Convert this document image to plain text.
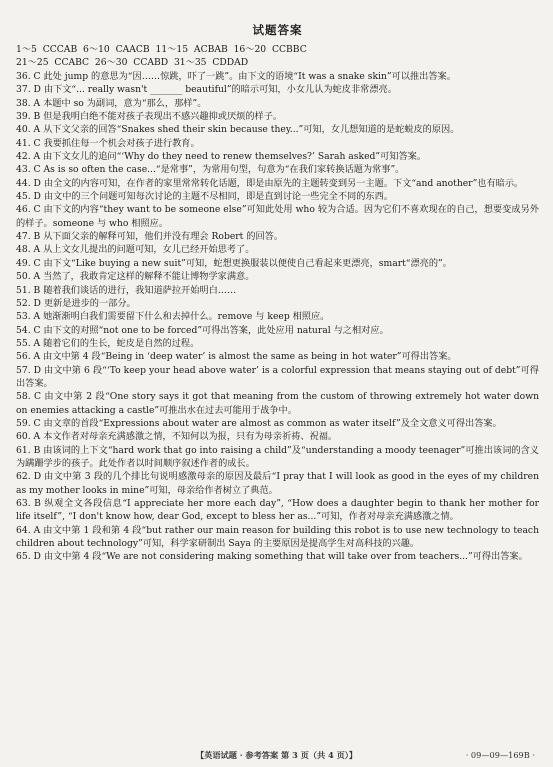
试题答案
1～5  CCCAB  6～10  CAACB  11～15  ACBAB  16～20  CCBBC
21～25  CCABC  26～30  CCABD  31～35  CDDAD

36. C 此处 jump 的意思为“因……惊跳，吓了一跳”。由下文的语境“It was a snake skin”可以推出答案。

37. D 由下文“... really wasn't _______ beautiful”的暗示可知，小女儿认为蛇皮非常漂亮。

38. A 本题中 so 为副词，意为“那么，那样”。

39. B 但是我明白绝不能对孩子表现出不感兴趣抑或厌烦的样子。

40. A 从下文父亲的回答“Snakes shed their skin because they...”可知，女儿想知道的是蛇蜕皮的原因。

41. C 我要抓住每一个机会对孩子进行教育。

42. A 由下文女儿的追问“‘Why do they need to renew themselves?’ Sarah asked”可知答案。

43. C As is so often the case...“是常事”，为常用句型，句意为“在我们家转换话题为常事”。

44. D 由全文的内容可知，在作者的家里常常转化话题，即是由原先的主题转变到另一主题。下文“and another”也有暗示。

45. D 由文中的三个问题可知每次讨论的主题不尽相同，即是直到讨论一些完全不同的东西。

46. C 由下文的内容“they want to be someone else”可知此处用 who 较为合适。因为它们不喜欢现在的自己，想要变成另外的样子。someone 与 who 相照应。

47. B 从下面父亲的解释可知，他们并没有理会 Robert 的回答。

48. A 从上文女儿提出的问题可知，女儿已经开始思考了。

49. C 由下文“Like buying a new suit”可知，蛇想更换服装以便使自己看起来更漂亮，smart“漂亮的”。

50. A 当然了，我敢肯定这样的解释不能让博物学家满意。

51. B 随着我们谈话的进行，我知道萨拉开始明白……

52. D 更新是进步的一部分。

53. A 她渐渐明白我们需要留下什么和去掉什么。remove 与 keep 相照应。

54. C 由下文的对照“not one to be forced”可得出答案，此处应用 natural 与之相对应。

55. A 随着它们的生长，蛇皮是自然的过程。

56. A 由文中第 4 段“Being in ‘deep water’ is almost the same as being in hot water”可得出答案。

57. D 由文中第 6 段“‘To keep your head above water’ is a colorful expression that means staying out of debt”可得出答案。

58. C 由文中第 2 段“One story says it got that meaning from the custom of throwing extremely hot water down on enemies attacking a castle”可推出水在过去可能用于战争中。

59. C 由文章的首段“Expressions about water are almost as common as water itself”及全文意义可得出答案。

60. A 本文作者对母亲充满感激之情，不知何以为报，只有为母亲祈祷、祝福。

61. B 由该词的上下文“hard work that go into raising a child”及“understanding a moody teenager”可推出该词的含义为蹒跚学步的孩子。此处作者以时间顺序叙述作者的成长。

62. D 由文中第 3 段的几个排比句说明感激母亲的原因及最后“I pray that I will look as good in the eyes of my children as my mother looks in mine”可知，母亲给作者树立了典范。

63. B 纵观全文各段信息“I appreciate her more each day”, “How does a daughter begin to thank her mother for life itself”, “I don't know how, dear God, except to bless her as...”可知，作者对母亲充满感激之情。

64. A 由文中第 1 段和第 4 段“but rather our main reason for building this robot is to use new technology to teach children about technology”可知，科学家研制出 Saya 的主要原因是提高学生对高科技的兴趣。

65. D 由文中第 4 段“We are not considering making something that will take over from teachers...”可得出答案。

【英语试题 · 参考答案 第 3 页（共 4 页）】	· 09—09—169B ·
